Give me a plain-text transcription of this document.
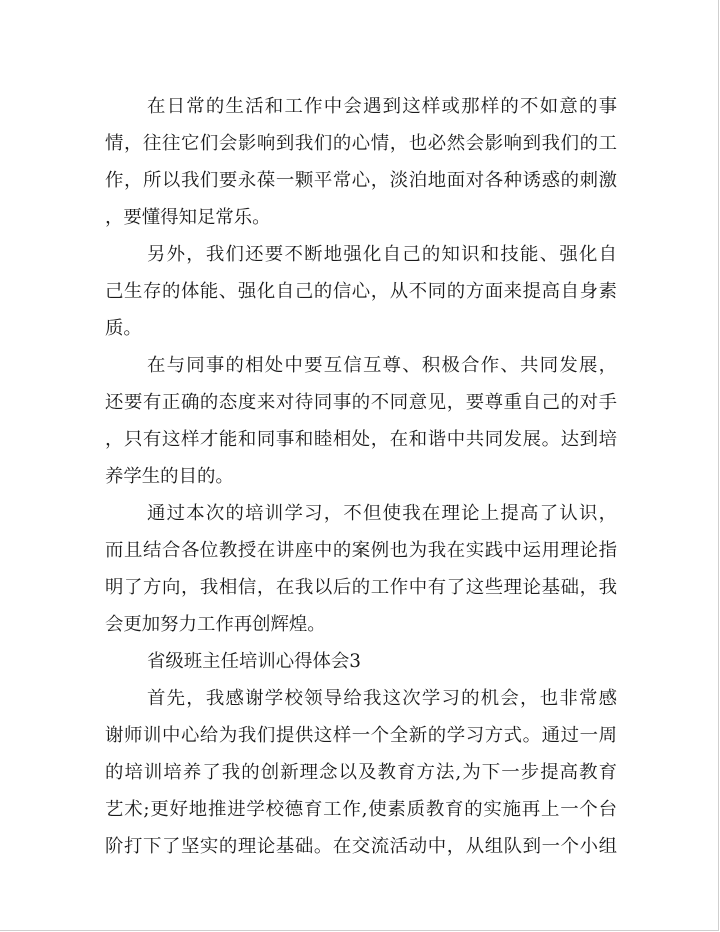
在日常的生活和工作中会遇到这样或那样的不如意的事
情，往往它们会影响到我们的心情，也必然会影响到我们的工
作，所以我们要永葆一颗平常心，淡泊地面对各种诱惑的刺激
，要懂得知足常乐。
另外，我们还要不断地强化自己的知识和技能、强化自
己生存的体能、强化自己的信心，从不同的方面来提高自身素
质。
在与同事的相处中要互信互尊、积极合作、共同发展，
还要有正确的态度来对待同事的不同意见，要尊重自己的对手
，只有这样才能和同事和睦相处，在和谐中共同发展。达到培
养学生的目的。
通过本次的培训学习，不但使我在理论上提高了认识，
而且结合各位教授在讲座中的案例也为我在实践中运用理论指
明了方向，我相信，在我以后的工作中有了这些理论基础，我
会更加努力工作再创辉煌。
省级班主任培训心得体会3
首先，我感谢学校领导给我这次学习的机会，也非常感
谢师训中心给为我们提供这样一个全新的学习方式。通过一周
的培训培养了我的创新理念以及教育方法,为下一步提高教育
艺术;更好地推进学校德育工作,使素质教育的实施再上一个台
阶打下了坚实的理论基础。在交流活动中，从组队到一个小组
